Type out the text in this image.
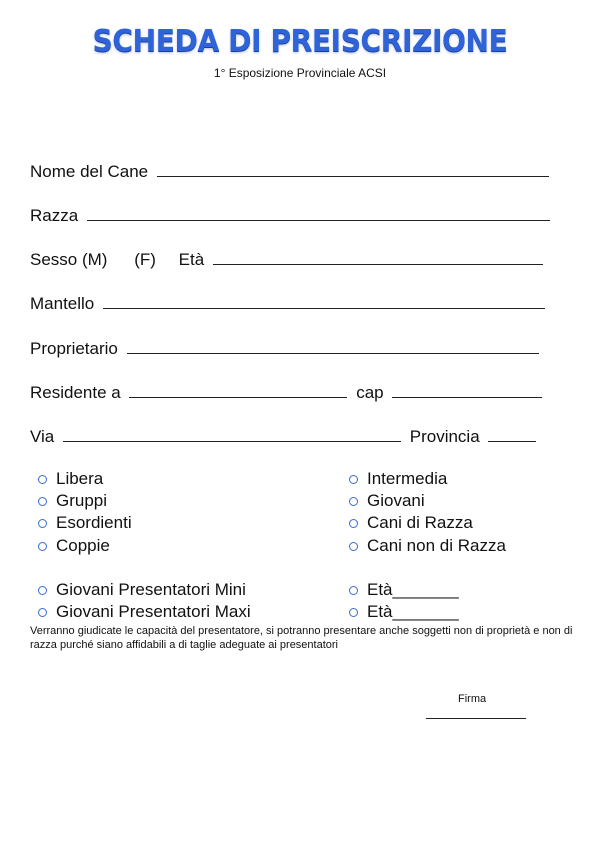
SCHEDA DI PREISCRIZIONE
1° Esposizione Provinciale ACSI
Nome del Cane
Razza
Sesso (M) (F) Età
Mantello
Proprietario
Residente a	cap
Via	Provincia
Libera
Gruppi
Esordienti
Coppie
Intermedia
Giovani
Cani di Razza
Cani non di Razza
Giovani Presentatori Mini
Giovani Presentatori Maxi
Età_______
Età_______
Verranno giudicate le capacità del presentatore, si potranno presentare anche soggetti non di proprietà e non di razza purché siano affidabili a di taglie adeguate ai presentatori
Firma
